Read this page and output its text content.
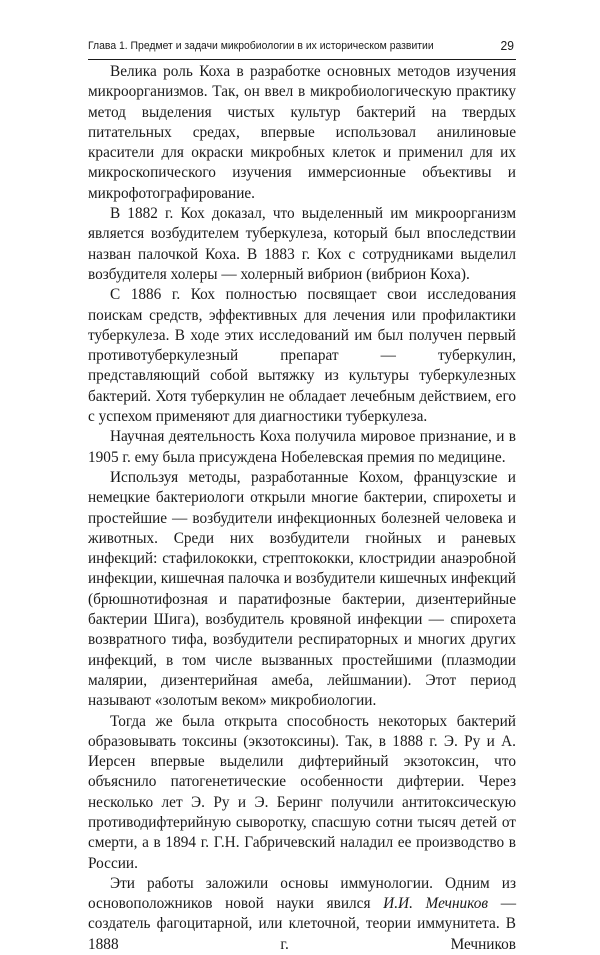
Глава 1. Предмет и задачи микробиологии в их историческом развитии	29

Велика роль Коха в разработке основных методов изучения микроорганизмов. Так, он ввел в микробиологическую практику метод выделения чистых культур бактерий на твердых питательных средах, впервые использовал анилиновые красители для окраски микробных клеток и применил для их микроскопического изучения иммерсионные объективы и микрофотографирование.

В 1882 г. Кох доказал, что выделенный им микроорганизм является возбудителем туберкулеза, который был впоследствии назван палочкой Коха. В 1883 г. Кох с сотрудниками выделил возбудителя холеры — холерный вибрион (вибрион Коха).

С 1886 г. Кох полностью посвящает свои исследования поискам средств, эффективных для лечения или профилактики туберкулеза. В ходе этих исследований им был получен первый противотуберкулезный препарат — туберкулин, представляющий собой вытяжку из культуры туберкулезных бактерий. Хотя туберкулин не обладает лечебным действием, его с успехом применяют для диагностики туберкулеза.

Научная деятельность Коха получила мировое признание, и в 1905 г. ему была присуждена Нобелевская премия по медицине.

Используя методы, разработанные Кохом, французские и немецкие бактериологи открыли многие бактерии, спирохеты и простейшие — возбудители инфекционных болезней человека и животных. Среди них возбудители гнойных и раневых инфекций: стафилококки, стрептококки, клостридии анаэробной инфекции, кишечная палочка и возбудители кишечных инфекций (брюшнотифозная и паратифозные бактерии, дизентерийные бактерии Шига), возбудитель кровяной инфекции — спирохета возвратного тифа, возбудители респираторных и многих других инфекций, в том числе вызванных простейшими (плазмодии малярии, дизентерийная амеба, лейшмании). Этот период называют «золотым веком» микробиологии.

Тогда же была открыта способность некоторых бактерий образовывать токсины (экзотоксины). Так, в 1888 г. Э. Ру и А. Иерсен впервые выделили дифтерийный экзотоксин, что объяснило патогенетические особенности дифтерии. Через несколько лет Э. Ру и Э. Беринг получили антитоксическую противодифтерийную сыворотку, спасшую сотни тысяч детей от смерти, а в 1894 г. Г.Н. Габричевский наладил ее производство в России.

Эти работы заложили основы иммунологии. Одним из основоположников новой науки явился И.И. Мечников — создатель фагоцитарной, или клеточной, теории иммунитета. В 1888 г. Мечников
